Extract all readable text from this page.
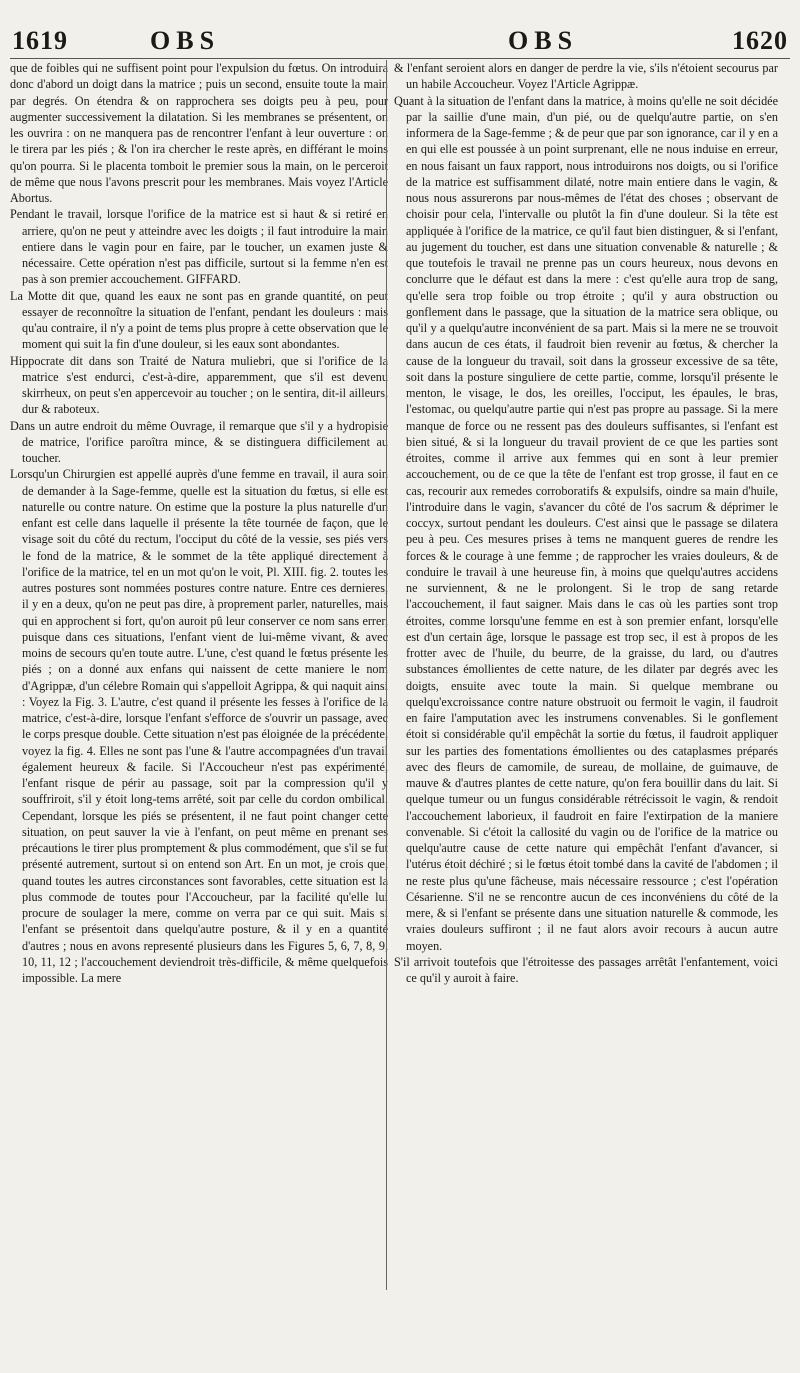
1619	OBS	OBS	1620

que de foibles qui ne suffisent point pour l'expulsion du fœtus. On introduira donc d'abord un doigt dans la matrice ; puis un second, ensuite toute la main par degrés. On étendra & on rapprochera ses doigts peu à peu, pour augmenter successivement la dilatation. Si les membranes se présentent, on les ouvrira : on ne manquera pas de rencontrer l'enfant à leur ouverture : on le tirera par les piés ; & l'on ira chercher le reste après, en différant le moins qu'on pourra. Si le placenta tomboit le premier sous la main, on le perceroit de même que nous l'avons prescrit pour les membranes. Mais voyez l'Article Abortus.

Pendant le travail, lorsque l'orifice de la matrice est si haut & si retiré en arriere, qu'on ne peut y atteindre avec les doigts ; il faut introduire la main entiere dans le vagin pour en faire, par le toucher, un examen juste & nécessaire. Cette opération n'est pas difficile, surtout si la femme n'en est pas à son premier accouchement. GIFFARD.

La Motte dit que, quand les eaux ne sont pas en grande quantité, on peut essayer de reconnoître la situation de l'enfant, pendant les douleurs : mais qu'au contraire, il n'y a point de tems plus propre à cette observation que le moment qui suit la fin d'une douleur, si les eaux sont abondantes.

Hippocrate dit dans son Traité de Natura muliebri, que si l'orifice de la matrice s'est endurci, c'est-à-dire, apparemment, que s'il est devenu skirrheux, on peut s'en appercevoir au toucher ; on le sentira, dit-il ailleurs, dur & raboteux.

Dans un autre endroit du même Ouvrage, il remarque que s'il y a hydropisie de matrice, l'orifice paroîtra mince, & se distinguera difficilement au toucher.

Lorsqu'un Chirurgien est appellé auprès d'une femme en travail, il aura soin de demander à la Sage-femme, quelle est la situation du fœtus, si elle est naturelle ou contre nature. On estime que la posture la plus naturelle d'un enfant est celle dans laquelle il présente la tête tournée de façon, que le visage soit du côté du rectum, l'occiput du côté de la vessie, ses piés vers le fond de la matrice, & le sommet de la tête appliqué directement à l'orifice de la matrice, tel en un mot qu'on le voit, Pl. XIII. fig. 2. toutes les autres postures sont nommées postures contre nature. Entre ces dernieres, il y en a deux, qu'on ne peut pas dire, à proprement parler, naturelles, mais qui en approchent si fort, qu'on auroit pû leur conserver ce nom sans errer, puisque dans ces situations, l'enfant vient de lui-même vivant, & avec moins de secours qu'en toute autre. L'une, c'est quand le fœtus présente les piés ; on a donné aux enfans qui naissent de cette maniere le nom d'Agrippæ, d'un célebre Romain qui s'appelloit Agrippa, & qui naquit ainsi : Voyez la Fig. 3. L'autre, c'est quand il présente les fesses à l'orifice de la matrice, c'est-à-dire, lorsque l'enfant s'efforce de s'ouvrir un passage, avec le corps presque double. Cette situation n'est pas éloignée de la précédente, voyez la fig. 4. Elles ne sont pas l'une & l'autre accompagnées d'un travail également heureux & facile. Si l'Accoucheur n'est pas expérimenté, l'enfant risque de périr au passage, soit par la compression qu'il y souffriroit, s'il y étoit long-tems arrêté, soit par celle du cordon ombilical. Cependant, lorsque les piés se présentent, il ne faut point changer cette situation, on peut sauver la vie à l'enfant, on peut même en prenant ses précautions le tirer plus promptement & plus commodément, que s'il se fut présenté autrement, surtout si on entend son Art. En un mot, je crois que, quand toutes les autres circonstances sont favorables, cette situation est la plus commode de toutes pour l'Accoucheur, par la facilité qu'elle lui procure de soulager la mere, comme on verra par ce qui suit. Mais si l'enfant se présentoit dans quelqu'autre posture, & il y en a quantité d'autres ; nous en avons representé plusieurs dans les Figures 5, 6, 7, 8, 9, 10, 11, 12 ; l'accouchement deviendroit très-difficile, & même quelquefois impossible. La mere

& l'enfant seroient alors en danger de perdre la vie, s'ils n'étoient secourus par un habile Accoucheur. Voyez l'Article Agrippæ.

Quant à la situation de l'enfant dans la matrice, à moins qu'elle ne soit décidée par la saillie d'une main, d'un pié, ou de quelqu'autre partie, on s'en informera de la Sage-femme ; & de peur que par son ignorance, car il y en a en qui elle est poussée à un point surprenant, elle ne nous induise en erreur, en nous faisant un faux rapport, nous introduirons nos doigts, ou si l'orifice de la matrice est suffisamment dilaté, notre main entiere dans le vagin, & nous nous assurerons par nous-mêmes de l'état des choses ; observant de choisir pour cela, l'intervalle ou plutôt la fin d'une douleur. Si la tête est appliquée à l'orifice de la matrice, ce qu'il faut bien distinguer, & si l'enfant, au jugement du toucher, est dans une situation convenable & naturelle ; & que toutefois le travail ne prenne pas un cours heureux, nous devons en conclurre que le défaut est dans la mere : c'est qu'elle aura trop de sang, qu'elle sera trop foible ou trop étroite ; qu'il y aura obstruction ou gonflement dans le passage, que la situation de la matrice sera oblique, ou qu'il y a quelqu'autre inconvénient de sa part. Mais si la mere ne se trouvoit dans aucun de ces états, il faudroit bien revenir au fœtus, & chercher la cause de la longueur du travail, soit dans la grosseur excessive de sa tête, soit dans la posture singuliere de cette partie, comme, lorsqu'il présente le menton, le visage, le dos, les oreilles, l'occiput, les épaules, le bras, l'estomac, ou quelqu'autre partie qui n'est pas propre au passage. Si la mere manque de force ou ne ressent pas des douleurs suffisantes, si l'enfant est bien situé, & si la longueur du travail provient de ce que les parties sont étroites, comme il arrive aux femmes qui en sont à leur premier accouchement, ou de ce que la tête de l'enfant est trop grosse, il faut en ce cas, recourir aux remedes corroboratifs & expulsifs, oindre sa main d'huile, l'introduire dans le vagin, s'avancer du côté de l'os sacrum & déprimer le coccyx, surtout pendant les douleurs. C'est ainsi que le passage se dilatera peu à peu. Ces mesures prises à tems ne manquent gueres de rendre les forces & le courage à une femme ; de rapprocher les vraies douleurs, & de conduire le travail à une heureuse fin, à moins que quelqu'autres accidens ne surviennent, & ne le prolongent. Si le trop de sang retarde l'accouchement, il faut saigner. Mais dans le cas où les parties sont trop étroites, comme lorsqu'une femme en est à son premier enfant, lorsqu'elle est d'un certain âge, lorsque le passage est trop sec, il est à propos de les frotter avec de l'huile, du beurre, de la graisse, du lard, ou d'autres substances émollientes de cette nature, de les dilater par degrés avec les doigts, ensuite avec toute la main. Si quelque membrane ou quelqu'excroissance contre nature obstruoit ou fermoit le vagin, il faudroit en faire l'amputation avec les instrumens convenables. Si le gonflement étoit si considérable qu'il empêchât la sortie du fœtus, il faudroit appliquer sur les parties des fomentations émollientes ou des cataplasmes préparés avec des fleurs de camomile, de sureau, de mollaine, de guimauve, de mauve & d'autres plantes de cette nature, qu'on fera bouillir dans du lait. Si quelque tumeur ou un fungus considérable rétrécissoit le vagin, & rendoit l'accouchement laborieux, il faudroit en faire l'extirpation de la maniere convenable. Si c'étoit la callosité du vagin ou de l'orifice de la matrice ou quelqu'autre cause de cette nature qui empêchât l'enfant d'avancer, si l'utérus étoit déchiré ; si le fœtus étoit tombé dans la cavité de l'abdomen ; il ne reste plus qu'une fâcheuse, mais nécessaire ressource ; c'est l'opération Césarienne. S'il ne se rencontre aucun de ces inconvéniens du côté de la mere, & si l'enfant se présente dans une situation naturelle & commode, les vraies douleurs suffiront ; il ne faut alors avoir recours à aucun autre moyen.

S'il arrivoit toutefois que l'étroitesse des passages arrêtât l'enfantement, voici ce qu'il y auroit à faire.
